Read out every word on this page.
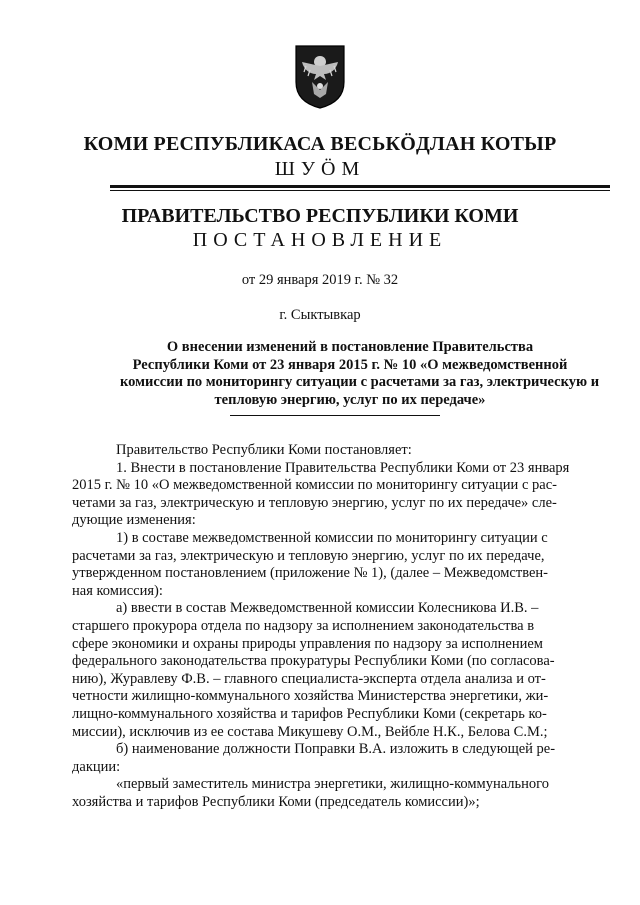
КОМИ РЕСПУБЛИКАСА ВЕСЬКӦДЛАН КОТЫР
ШУӦМ
ПРАВИТЕЛЬСТВО РЕСПУБЛИКИ КОМИ
ПОСТАНОВЛЕНИЕ
от 29 января 2019 г. № 32
г. Сыктывкар
О внесении изменений в постановление Правительства
Республики Коми от 23 января 2015 г. № 10 «О межведомственной
комиссии по мониторингу ситуации с расчетами за газ, электрическую и
тепловую энергию, услуг по их передаче»
Правительство Республики Коми постановляет:
1. Внести в постановление Правительства Республики Коми от 23 января
2015 г. № 10 «О межведомственной комиссии по мониторингу ситуации с рас-
четами за газ, электрическую и тепловую энергию, услуг по их передаче» сле-
дующие изменения:
1) в составе межведомственной комиссии по мониторингу ситуации с
расчетами за газ, электрическую и тепловую энергию, услуг по их передаче,
утвержденном постановлением (приложение № 1), (далее – Межведомствен-
ная комиссия):
а) ввести в состав Межведомственной комиссии Колесникова И.В. –
старшего прокурора отдела по надзору за исполнением законодательства в
сфере экономики и охраны природы управления по надзору за исполнением
федерального законодательства прокуратуры Республики Коми (по согласова-
нию), Журавлеву Ф.В. – главного специалиста-эксперта отдела анализа и от-
четности жилищно-коммунального хозяйства Министерства энергетики, жи-
лищно-коммунального хозяйства и тарифов Республики Коми (секретарь ко-
миссии), исключив из ее состава Микушеву О.М., Вейбле Н.К., Белова С.М.;
б) наименование должности Поправки В.А. изложить в следующей ре-
дакции:
«первый заместитель министра энергетики, жилищно-коммунального
хозяйства и тарифов Республики Коми (председатель комиссии)»;
